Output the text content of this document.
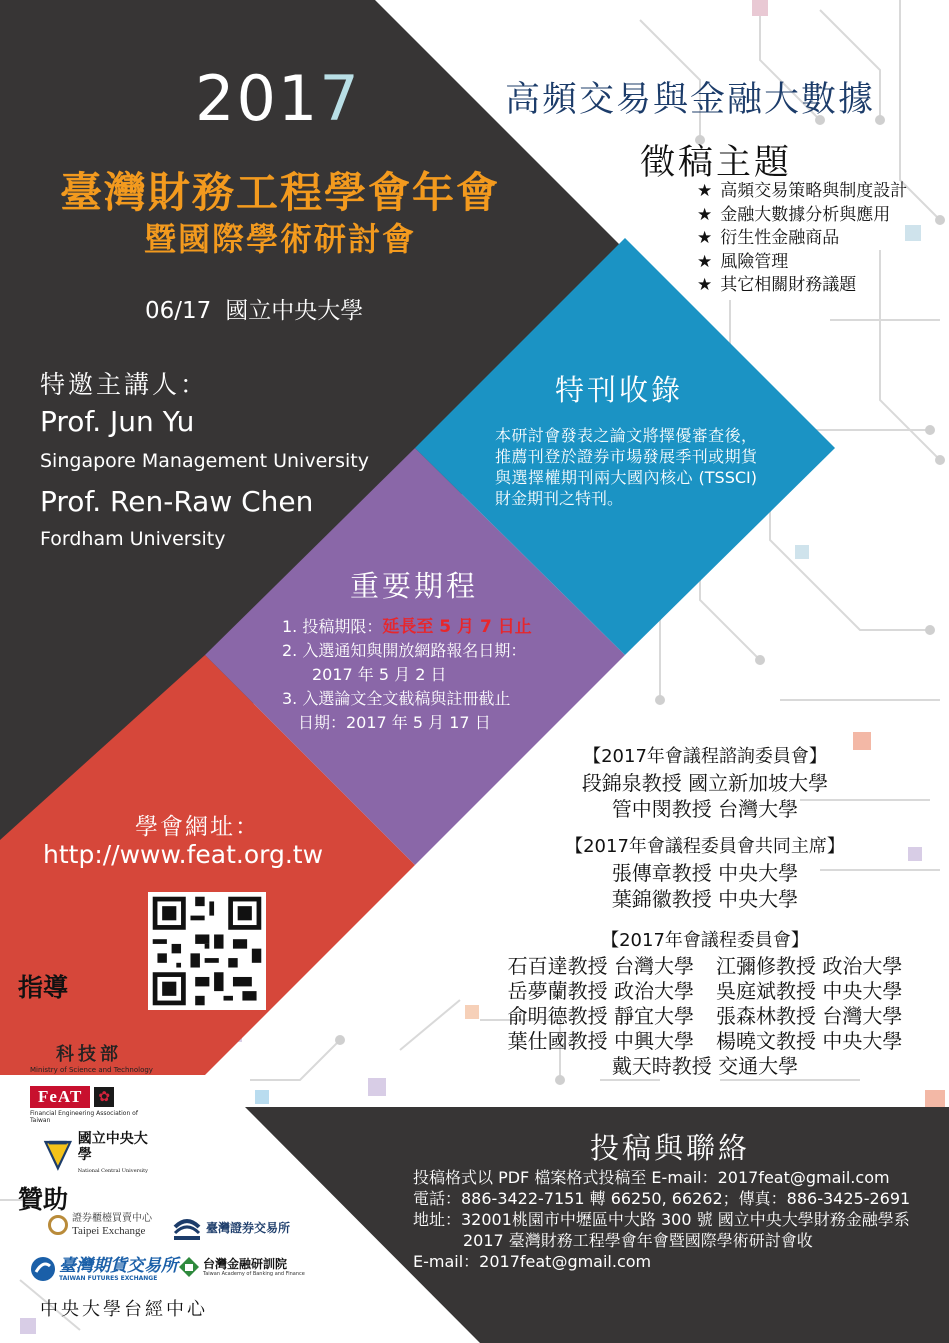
2017
臺灣財務工程學會年會
暨國際學術研討會
06/17 國立中央大學
特邀主講人：
Prof. Jun Yu
Singapore Management University
Prof. Ren-Raw Chen
Fordham University
高頻交易與金融大數據
徵稿主題
★ 高頻交易策略與制度設計
★ 金融大數據分析與應用
★ 衍生性金融商品
★ 風險管理
★ 其它相關財務議題
特刊收錄
本研討會發表之論文將擇優審查後，推薦刊登於證券市場發展季刊或期貨與選擇權期刊兩大國內核心 (TSSCI) 財金期刊之特刊。
重要期程
1. 投稿期限：延長至 5 月 7 日止
2. 入選通知與開放網路報名日期：
2017 年 5 月 2 日
3. 入選論文全文截稿與註冊截止
日期：2017 年 5 月 17 日
學會網址：
http://www.feat.org.tw
指導
贊助
科技部
Ministry of Science and Technology
FeAT	✿
Financial Engineering Association of Taiwan
國立中央大學
National Central University
證券櫃檯買賣中心
Taipei Exchange	臺灣證券交易所
臺灣期貨交易所
TAIWAN FUTURES EXCHANGE
台灣金融研訓院
Taiwan Academy of Banking and Finance
中央大學台經中心
【2017年會議程諮詢委員會】
段錦泉教授 國立新加坡大學
管中閔教授 台灣大學
【2017年會議程委員會共同主席】
張傳章教授 中央大學
葉錦徽教授 中央大學
【2017年會議程委員會】
石百達教授 台灣大學 江彌修教授 政治大學
岳夢蘭教授 政治大學 吳庭斌教授 中央大學
俞明德教授 靜宜大學 張森林教授 台灣大學
葉仕國教授 中興大學 楊曉文教授 中央大學
戴天時教授 交通大學
投稿與聯絡
投稿格式以 PDF 檔案格式投稿至 E-mail：2017feat@gmail.com
電話：886-3422-7151 轉 66250, 66262；傳真：886-3425-2691
地址：32001桃園市中壢區中大路 300 號 國立中央大學財務金融學系
2017 臺灣財務工程學會年會暨國際學術研討會收
E-mail：2017feat@gmail.com
